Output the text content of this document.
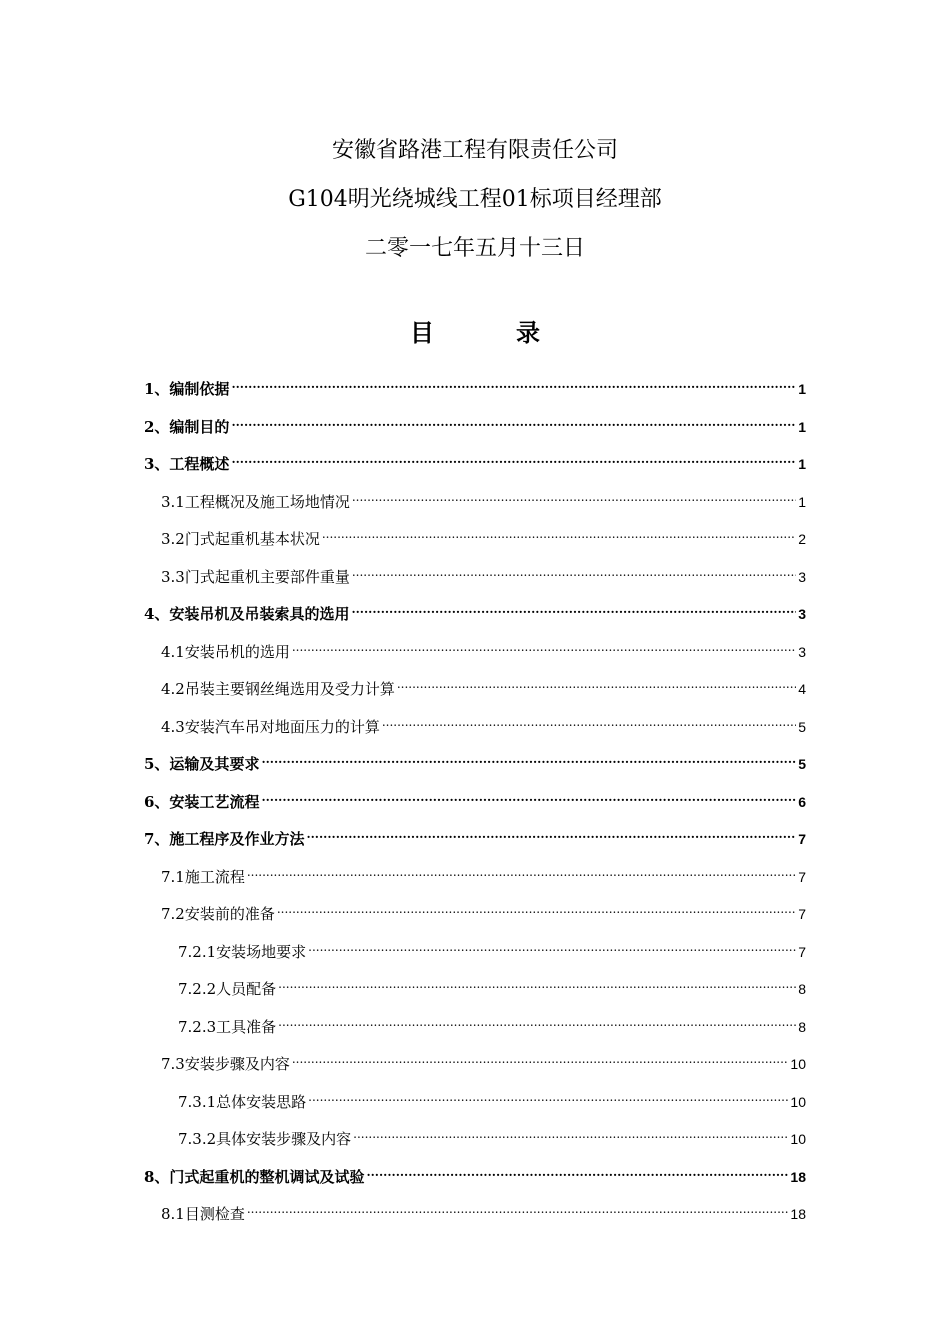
安徽省路港工程有限责任公司
G104明光绕城线工程01标项目经理部
二零一七年五月十三日
目	录
1、编制依据 .....	1
2、编制目的 .....	1
3、工程概述 .....	1
3.1工程概况及施工场地情况 .....	1
3.2门式起重机基本状况 .....	2
3.3门式起重机主要部件重量 .....	3
4、安装吊机及吊装索具的选用 .....	3
4.1安装吊机的选用 .....	3
4.2吊装主要钢丝绳选用及受力计算 .....	4
4.3安装汽车吊对地面压力的计算 .....	5
5、运输及其要求 .....	5
6、安装工艺流程 .....	6
7、施工程序及作业方法 .....	7
7.1施工流程 .....	7
7.2安装前的准备 .....	7
7.2.1安装场地要求 .....	7
7.2.2人员配备 .....	8
7.2.3工具准备 .....	8
7.3安装步骤及内容 .....	10
7.3.1总体安装思路 .....	10
7.3.2具体安装步骤及内容 .....	10
8、门式起重机的整机调试及试验 .....	18
8.1目测检查 .....	18
